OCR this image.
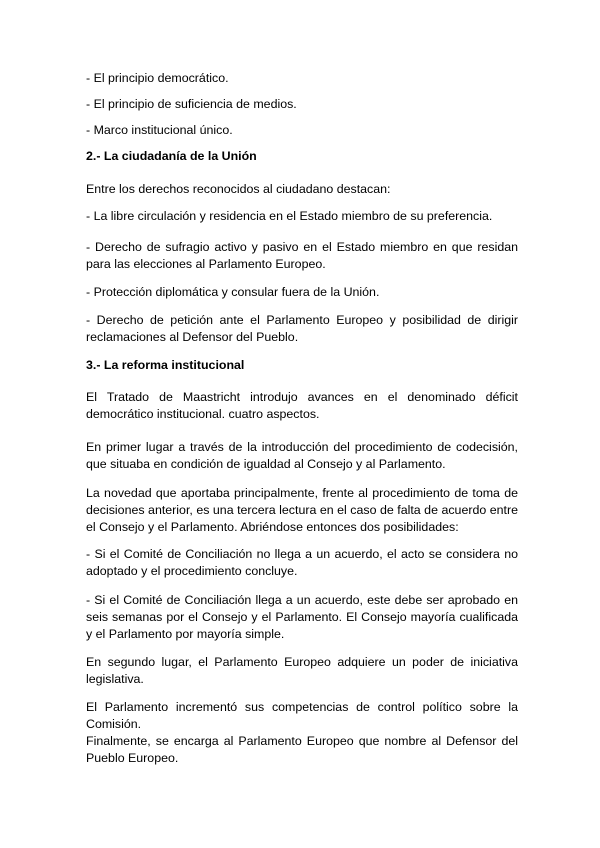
- El principio democrático.
- El principio de suficiencia de medios.
- Marco institucional único.
2.- La ciudadanía de la Unión
Entre los derechos reconocidos al ciudadano destacan:
- La libre circulación y residencia en el Estado miembro de su preferencia.
- Derecho de sufragio activo y pasivo en el Estado miembro en que residan para las elecciones al Parlamento Europeo.
- Protección diplomática y consular fuera de la Unión.
- Derecho de petición ante el Parlamento Europeo y posibilidad de dirigir reclamaciones al Defensor del Pueblo.
3.- La reforma institucional
El Tratado de Maastricht introdujo avances en el denominado déficit democrático institucional. cuatro aspectos.
En primer lugar a través de la introducción del procedimiento de codecisión, que situaba en condición de igualdad al Consejo y al Parlamento.
La novedad que aportaba principalmente, frente al procedimiento de toma de decisiones anterior, es una tercera lectura en el caso de falta de acuerdo entre el Consejo y el Parlamento. Abriéndose entonces dos posibilidades:
- Si el Comité de Conciliación no llega a un acuerdo, el acto se considera no adoptado y el procedimiento concluye.
- Si el Comité de Conciliación llega a un acuerdo, este debe ser aprobado en seis semanas por el Consejo y el Parlamento. El Consejo mayoría cualificada y el Parlamento por mayoría simple.
En segundo lugar, el Parlamento Europeo adquiere un poder de iniciativa legislativa.
El Parlamento incrementó sus competencias de control político sobre la Comisión.
Finalmente, se encarga al Parlamento Europeo que nombre al Defensor del Pueblo Europeo.
